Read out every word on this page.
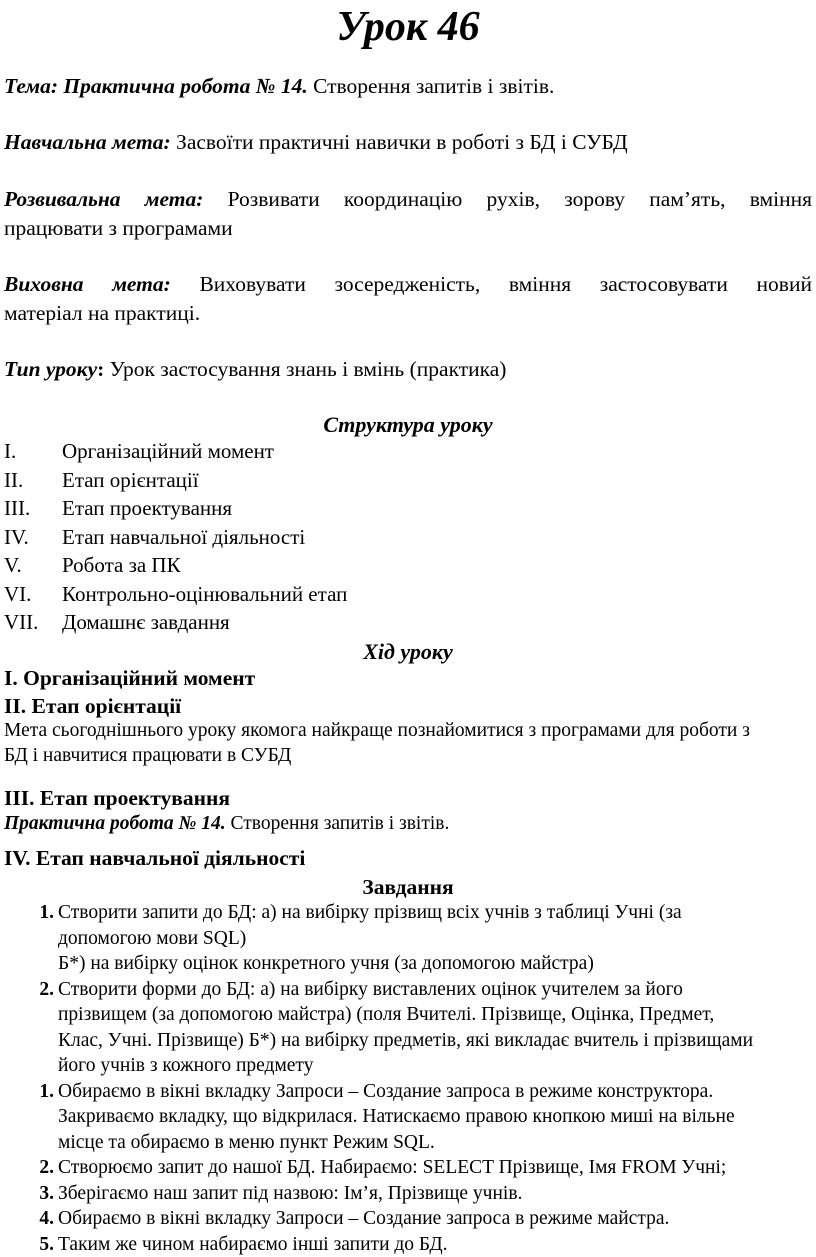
Урок 46
Тема: Практична робота № 14. Створення запитів і звітів.
Навчальна мета: Засвоїти практичні навички в роботі з БД і СУБД
Розвивальна мета: Розвивати координацію рухів, зорову пам’ять, вміння
працювати з програмами
Виховна мета: Виховувати зосередженість, вміння застосовувати новий
матеріал на практиці.
Тип уроку: Урок застосування знань і вмінь (практика)
Структура уроку
I.	Організаційний момент
II.	Етап орієнтації
III.	Етап проектування
IV.	Етап навчальної діяльності
V.	Робота за ПК
VI.	Контрольно-оцінювальний етап
VII.	Домашнє завдання
Хід уроку
I. Організаційний момент
II. Етап орієнтації
Мета сьогоднішнього уроку якомога найкраще познайомитися з програмами для роботи з
БД і навчитися працювати в СУБД
III. Етап проектування
Практична робота № 14. Створення запитів і звітів.
IV. Етап навчальної діяльності
Завдання
1. Створити запити до БД: а) на вибірку прізвищ всіх учнів з таблиці Учні (за
допомогою мови SQL)
Б*) на вибірку оцінок конкретного учня (за допомогою майстра)
2. Створити форми до БД: а) на вибірку виставлених оцінок учителем за його
прізвищем (за допомогою майстра) (поля Вчителі. Прізвище, Оцінка, Предмет,
Клас, Учні. Прізвище) Б*) на вибірку предметів, які викладає вчитель і прізвищами
його учнів з кожного предмету
1. Обираємо в вікні вкладку Запроси – Создание запроса в режиме конструктора.
Закриваємо вкладку, що відкрилася. Натискаємо правою кнопкою миші на вільне
місце та обираємо в меню пункт Режим SQL.
2. Створюємо запит до нашої БД. Набираємо: SELECT Прізвище, Імя FROM Учні;
3. Зберігаємо наш запит під назвою: Ім’я, Прізвище учнів.
4. Обираємо в вікні вкладку Запроси – Создание запроса в режиме майстра.
5. Таким же чином набираємо інші запити до БД.
